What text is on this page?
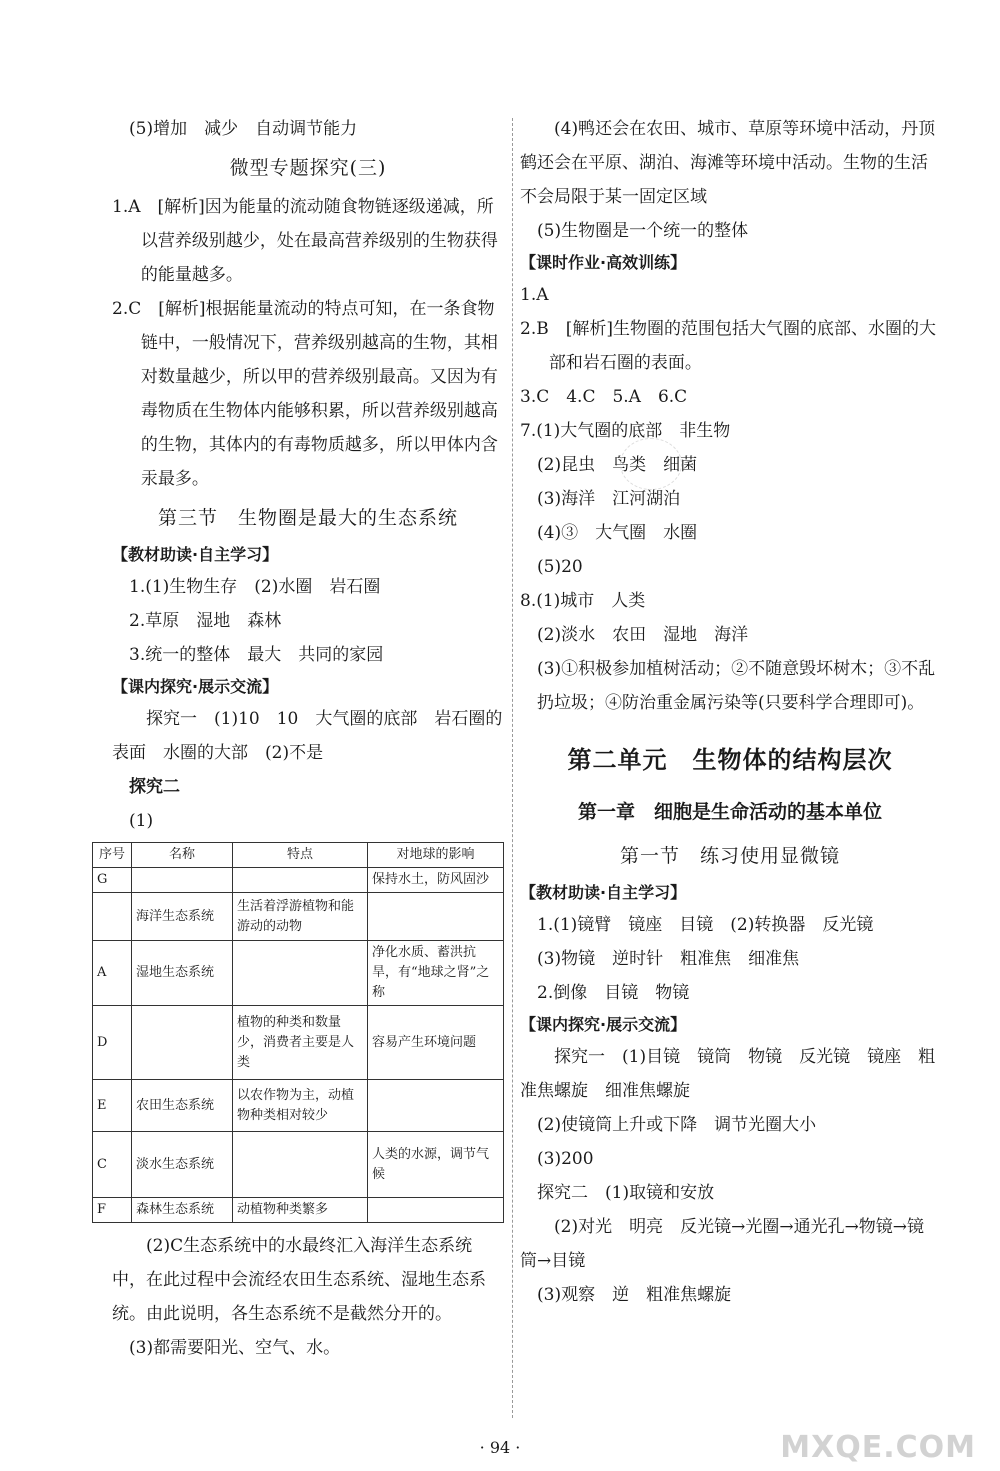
(5)增加　减少　自动调节能力

微型专题探究(三)

1.A　[解析]因为能量的流动随食物链逐级递减，所以营养级别越少，处在最高营养级别的生物获得的能量越多。

2.C　[解析]根据能量流动的特点可知，在一条食物链中，一般情况下，营养级别越高的生物，其相对数量越少，所以甲的营养级别最高。又因为有毒物质在生物体内能够积累，所以营养级别越高的生物，其体内的有毒物质越多，所以甲体内含汞最多。

第三节　生物圈是最大的生态系统

【教材助读·自主学习】

1.(1)生物生存　(2)水圈　岩石圈

2.草原　湿地　森林

3.统一的整体　最大　共同的家园

【课内探究·展示交流】

探究一　(1)10　10　大气圈的底部　岩石圈的表面　水圈的大部　(2)不是

探究二

(1)

序号	名称	特点	对地球的影响
G			保持水土，防风固沙
	海洋生态系统	生活着浮游植物和能游动的动物	
A	湿地生态系统		净化水质、蓄洪抗旱，有“地球之肾”之称
D		植物的种类和数量少，消费者主要是人类	容易产生环境问题
E	农田生态系统	以农作物为主，动植物种类相对较少	
C	淡水生态系统		人类的水源，调节气候
F	森林生态系统	动植物种类繁多	

(2)C生态系统中的水最终汇入海洋生态系统中，在此过程中会流经农田生态系统、湿地生态系统。由此说明，各生态系统不是截然分开的。

(3)都需要阳光、空气、水。

(4)鸭还会在农田、城市、草原等环境中活动，丹顶鹤还会在平原、湖泊、海滩等环境中活动。生物的生活不会局限于某一固定区域

(5)生物圈是一个统一的整体

【课时作业·高效训练】

1.A

2.B　[解析]生物圈的范围包括大气圈的底部、水圈的大部和岩石圈的表面。

3.C　4.C　5.A　6.C

7.(1)大气圈的底部　非生物

(2)昆虫　鸟类　细菌

(3)海洋　江河湖泊

(4)③　大气圈　水圈

(5)20

8.(1)城市　人类

(2)淡水　农田　湿地　海洋

(3)①积极参加植树活动；②不随意毁坏树木；③不乱扔垃圾；④防治重金属污染等(只要科学合理即可)。

第二单元　生物体的结构层次

第一章　细胞是生命活动的基本单位

第一节　练习使用显微镜

【教材助读·自主学习】

1.(1)镜臂　镜座　目镜　(2)转换器　反光镜

(3)物镜　逆时针　粗准焦　细准焦

2.倒像　目镜　物镜

【课内探究·展示交流】

探究一　(1)目镜　镜筒　物镜　反光镜　镜座　粗准焦螺旋　细准焦螺旋

(2)使镜筒上升或下降　调节光圈大小

(3)200

探究二　(1)取镜和安放

(2)对光　明亮　反光镜→光圈→通光孔→物镜→镜筒→目镜

(3)观察　逆　粗准焦螺旋

· 94 ·	MXQE.COM
